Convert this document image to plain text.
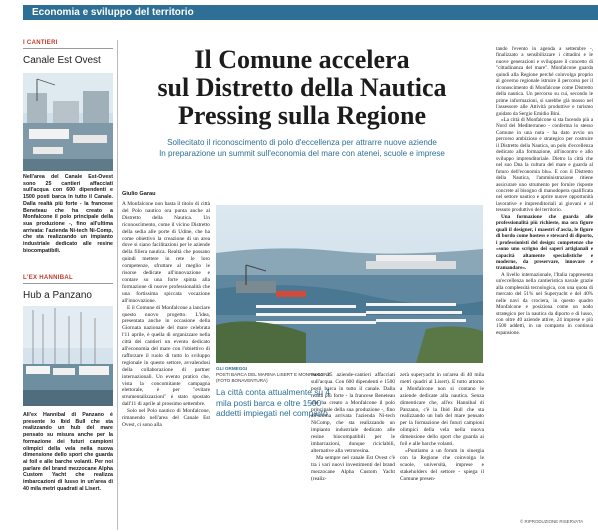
Economia e sviluppo del territorio
I CANTIERI
Canale Est Ovest
Nell'area del Canale Est-Ovest sono 25 cantieri affacciati sull'acqua con 600 dipendenti e 1500 posti barca in tutto il Canale. Dalla realtà più forte - la francese Beneteau che ha creato a Monfalcone il polo principale della sua produzione -, fino all'ultima arrivata: l'azienda Ni-tech Ni-Comp, che sta realizzando un impianto industriale dedicato alle resine biocompatibili.
L'EX HANNIBAL
Hub a Panzano
All'ex Hannibal di Panzano è presente lo Ibid Bull che sta realizzando un hub del mare pensato su misura anche per la formazione dei futuri campioni olimpici della vela nella nuova dimensione dello sport che guarda ai foil e alle barche volanti. Per noi parlare del brand mezzocane Alpha Custom Yacht che realizza imbarcazioni di lusso in un'area di 40 mila metri quadrati al Lisert.
Il Comune accelera
sul Distretto della Nautica
Pressing sulla Regione
Sollecitato il riconoscimento di polo d'eccellenza per attrarre nuove aziende
In preparazione un summit sull'economia del mare con atenei, scuole e imprese
Giulio Garau

A Monfalcone non basta il titolo di città del Polo nautico ora punta anche al Distretto della Nautica. Un riconoscimento, come il vicino Distretto della sedia alle porte di Udine, che ha come obiettivo la creazione di un area dove si siano facilitazioni per le aziende della filiera nautica. Realtà che possano quindi mettere in rete le loro competenze, sfruttare al meglio le risorse dedicate all'innovazione e contare su una forte spinta alla formazione di nuove professionalità che una fortissima spiccata vocazione all'innovazione.

E il Comune di Monfalcone a lanciare questo nuovo progetto. L'idea, presentata anche in occasione della Giornata nazionale del mare celebrata l'11 aprile, è quella di organizzare nella città dei cantieri un evento dedicato all'economia del mare con l'obiettivo di rafforzare il ruolo di tutto lo sviluppo regionale in questo settore, avvalendosi della collaborazione di partner internazionali. Un evento pratico che, vista la concomitante campagna elettorale, è per "evitare strumentalizzazioni" è stato spostato dall'11 di aprile al prossimo settembre.

Solo nel Polo nautico di Monfalcone, rimanendo nell'area del Canale Est Ovest, ci sono alla

GLI ORMEGGI
POSTI BARCA DEL MARINA LISERT E MONFALCONE (FOTO BONAVENTURA)
La città conta attualmente su 4 mila posti barca e oltre 1500 addetti impiegati nel comparto

meno 25 aziende-cantieri affacciati sull'acqua. Con 600 dipendenti e 1500 posti barca in tutto il canale. Dalla realtà più forte - la francese Beneteau che ha creato a Monfalcone il polo principale della sua produzione -, fino all'ultima arrivata l'azienda Ni-tech NiComp, che sta realizzando un impianto industriale dedicato alle resine biocompatibili per le imbarcazioni, dunque riciclabili, alternative alla vetroresina.

Ma sempre nel canale Est Ovest c'è tra i vari nuovi investimenti del brand mezzocane Alpha Custom Yacht (realiz-

zerà superyacht in un'area di 40 mila metri quadri al Lisert). E tutto attorno a Monfalcone non si contano le aziende dedicate alla nautica. Senza dimenticare che, all'ex Hannibal di Panzano, c'è la Ibid Bull che sta realizzando un hub del mare pensato per la formazione dei futuri campioni olimpici della vela nella nuova dimensione dello sport che guarda ai foil e alle barche volanti.

«Puntiamo a un forum in sinergia con la Regione che coinvolga le scuole, università, imprese e stakeholders del settore - spiega il Comune presen-

tando l'evento in agenda a settembre -, finalizzato a sensibilizzare i cittadini e le nuove generazioni e sviluppare il concetto di "cittadinanza del mare". Monfalcone guarda quindi alla Regione perché coinvolga proprio al governo regionale istruire il percorso per il riconoscimento di Monfalcone come Distretto della nautica. Un percorso su cui, secondo le prime informazioni, si sarebbe già mosso nel l'assessore alle Attività produttive e turismo guidato da Sergio Emidio Bini.

«La città di Monfalcone si sta facendo più a Nord del Mediterraneo - conferma lo stesso Comune in una nota - ha dato avvio un percorso ambizioso e strategico per costruire il Distretto della Nautica, un polo d'eccellenza dedicato alla formazione, all'incontro e allo sviluppo imprenditoriale. Dietro la città che nel suo Dna la cultura del mare e guarda al futuro dell'economia blu». E con il Distretto della Nautica, l'amministrazione ritiene assicurare uno strumento per fornire risposte concrete al bisogno di manodopera qualificata nel settore nautico e aprire nuove opportunità lavorative e imprenditoriali ai giovani e al tessuto produttivo del territorio.

Una formazione che guarda alle professionalità più richieste, ma ora figure quali il designer, i maestri d'ascia, le figure di bordo come hostess e steward di diporto, i professionisti del design: competenze che «sono uno scrigno dei saperi artigianali e capacità altamente specialistiche e moderne, da preservare, innovare e tramandare».

A livello internazionale, l'Italia rappresenta un'eccellenza nella cantieristica navale grazie alla complessità tecnologica, con una quota di mercato del 51% nel Superyacht e del 40% nelle navi da crociera, in questo quadro Monfalcone e posiziona come un nodo strategico per la nautica da diporto e di lusso, con oltre 40 aziende attive, 24 imprese e più 1500 addetti, in un comparto in continua espansione.

© RIPRODUZIONE RISERVATA
